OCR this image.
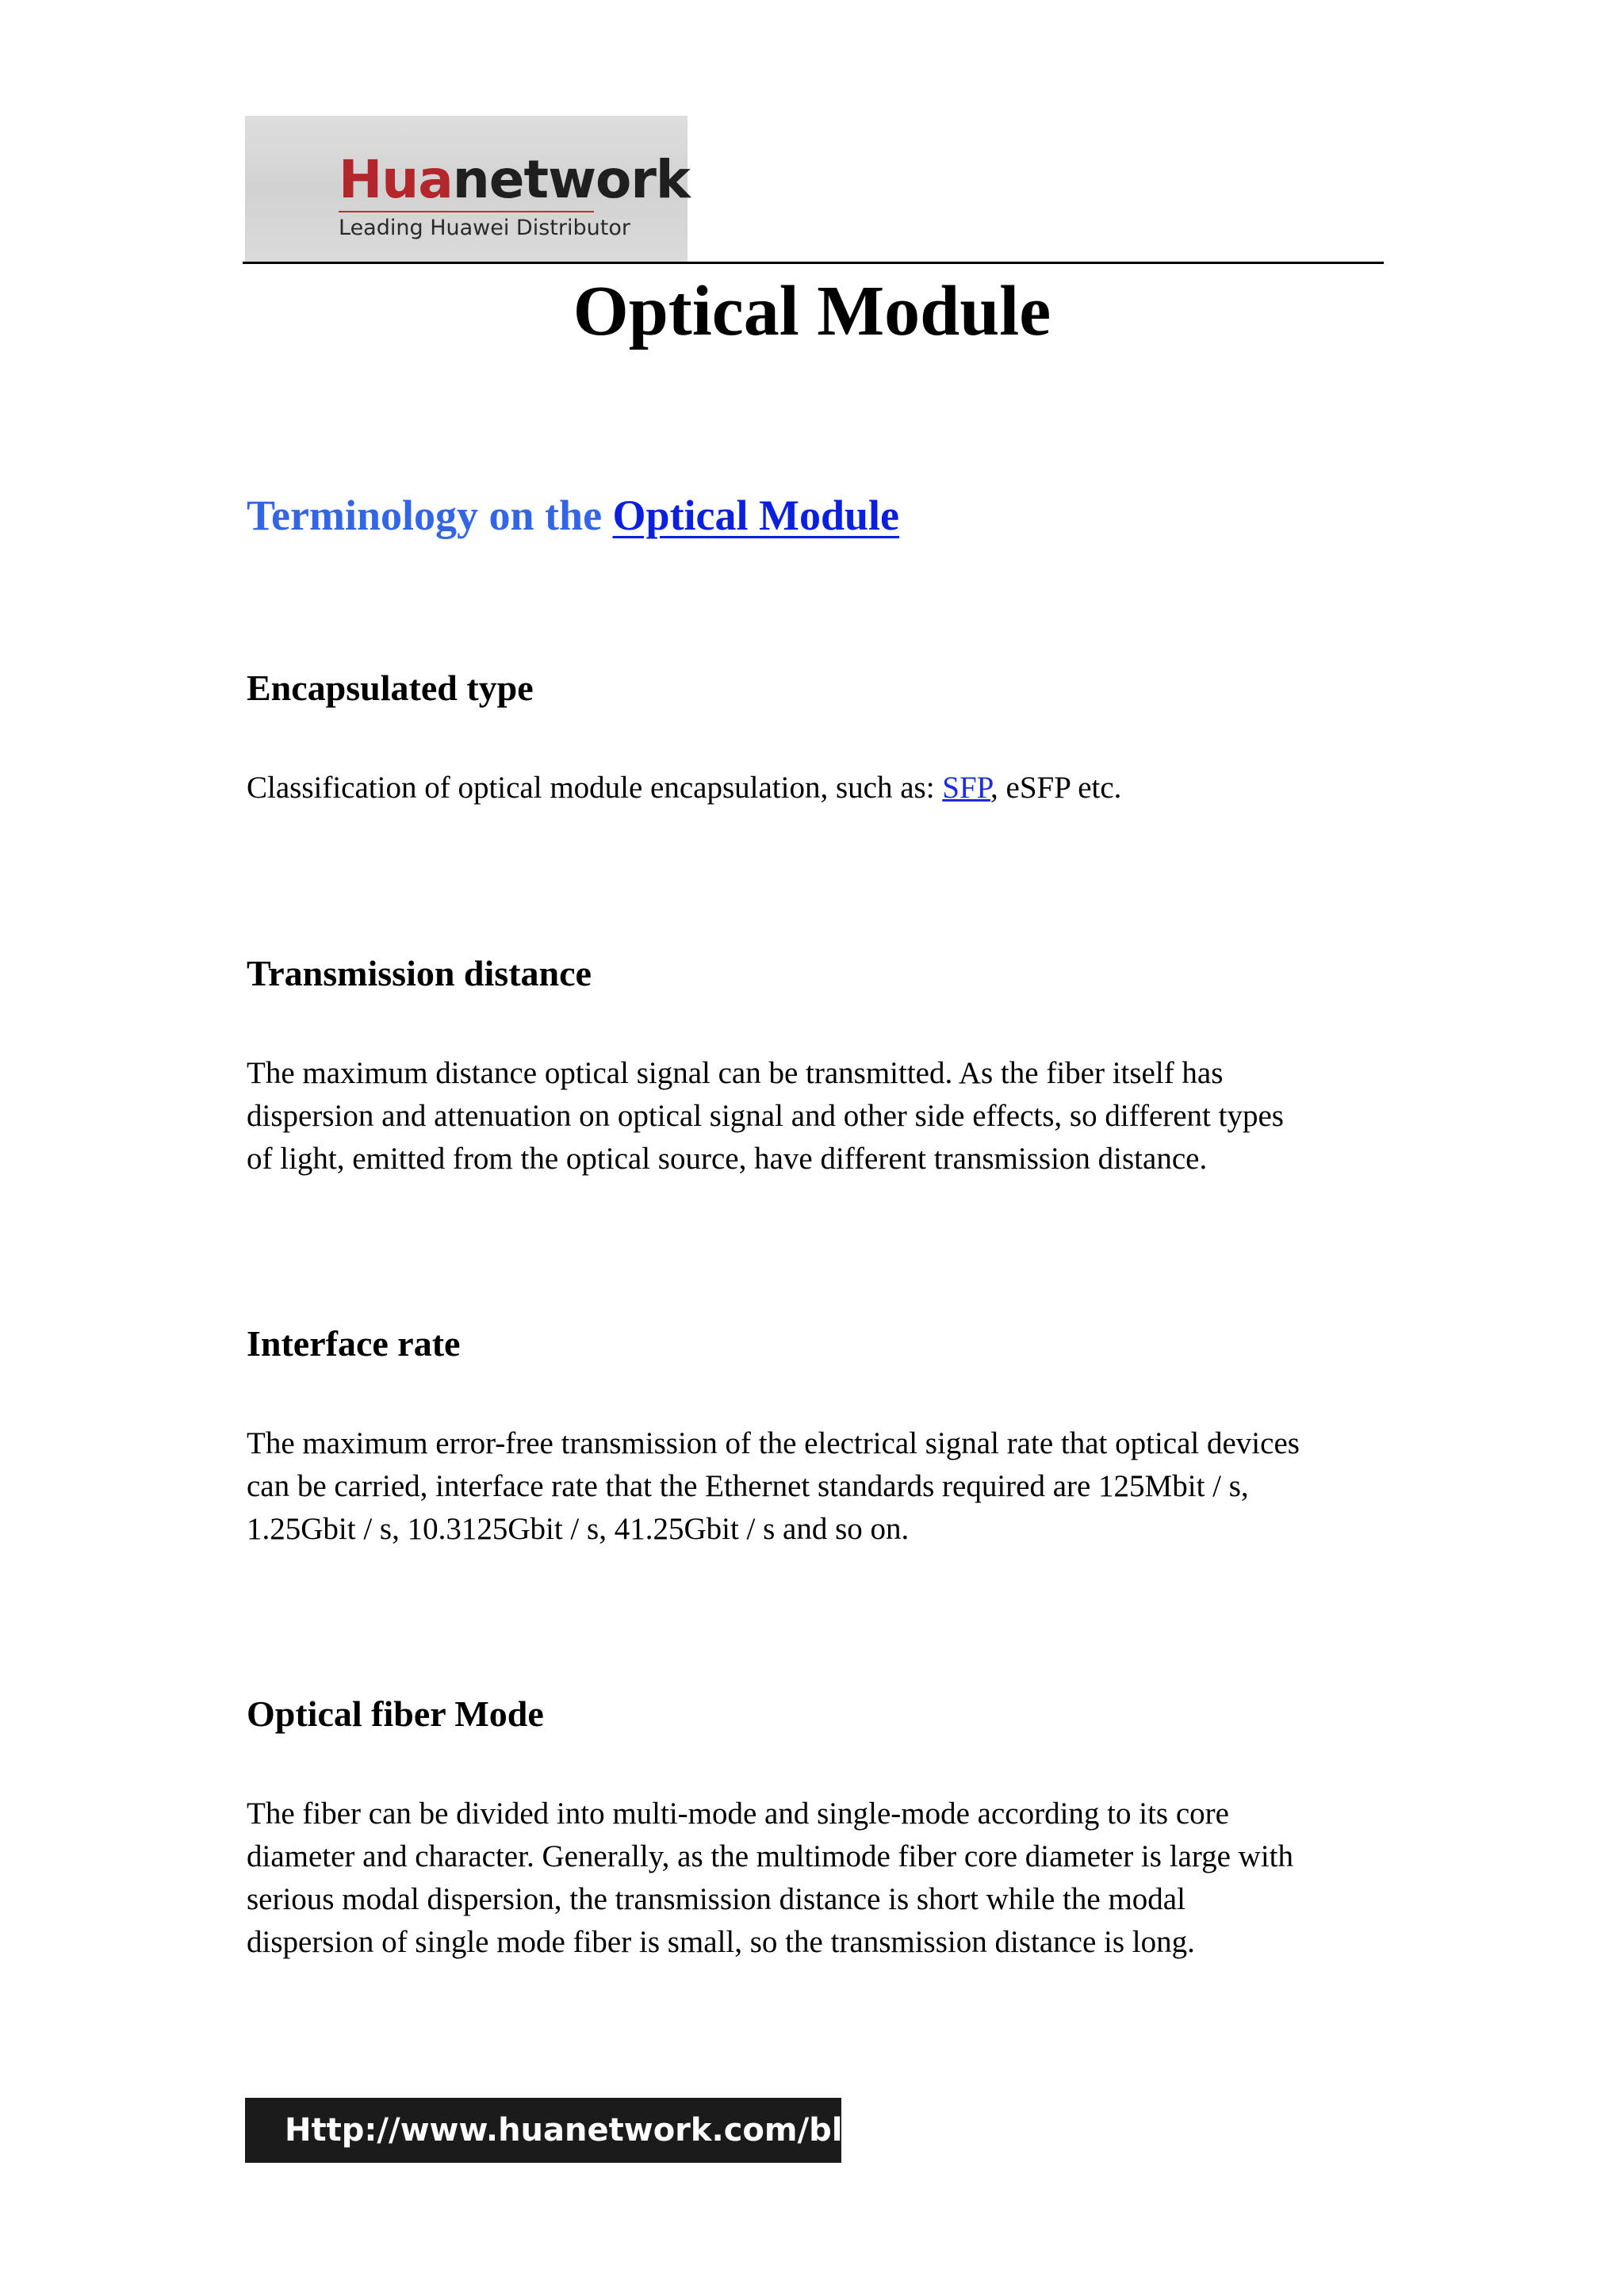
Huanetwork
Leading Huawei Distributor
Optical Module
Terminology on the Optical Module
Encapsulated type

Classification of optical module encapsulation, such as: SFP, eSFP etc.

Transmission distance

The maximum distance optical signal can be transmitted. As the fiber itself has
dispersion and attenuation on optical signal and other side effects, so different types
of light, emitted from the optical source, have different transmission distance.

Interface rate

The maximum error-free transmission of the electrical signal rate that optical devices
can be carried, interface rate that the Ethernet standards required are 125Mbit / s,
1.25Gbit / s, 10.3125Gbit / s, 41.25Gbit / s and so on.

Optical fiber Mode

The fiber can be divided into multi-mode and single-mode according to its core
diameter and character. Generally, as the multimode fiber core diameter is large with
serious modal dispersion, the transmission distance is short while the modal
dispersion of single mode fiber is small, so the transmission distance is long.

Http://www.huanetwork.com/blog
